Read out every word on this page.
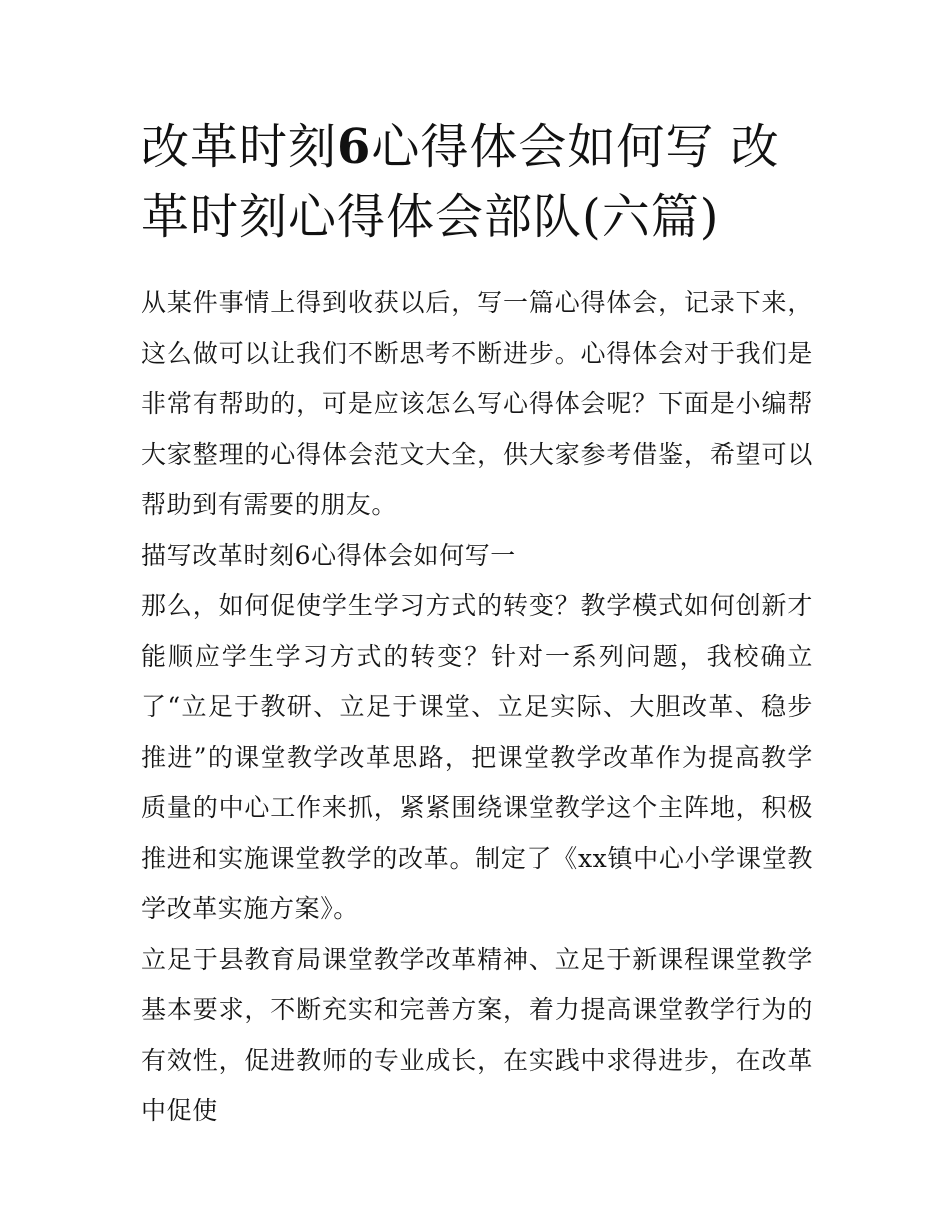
改革时刻6心得体会如何写 改革时刻心得体会部队(六篇)

从某件事情上得到收获以后，写一篇心得体会，记录下来，这么做可以让我们不断思考不断进步。心得体会对于我们是非常有帮助的，可是应该怎么写心得体会呢？下面是小编帮大家整理的心得体会范文大全，供大家参考借鉴，希望可以帮助到有需要的朋友。

描写改革时刻6心得体会如何写一

那么，如何促使学生学习方式的转变？教学模式如何创新才能顺应学生学习方式的转变？针对一系列问题，我校确立了“立足于教研、立足于课堂、立足实际、大胆改革、稳步推进”的课堂教学改革思路，把课堂教学改革作为提高教学质量的中心工作来抓，紧紧围绕课堂教学这个主阵地，积极推进和实施课堂教学的改革。制定了《xx镇中心小学课堂教学改革实施方案》。

立足于县教育局课堂教学改革精神、立足于新课程课堂教学基本要求，不断充实和完善方案，着力提高课堂教学行为的有效性，促进教师的专业成长，在实践中求得进步，在改革中促使
